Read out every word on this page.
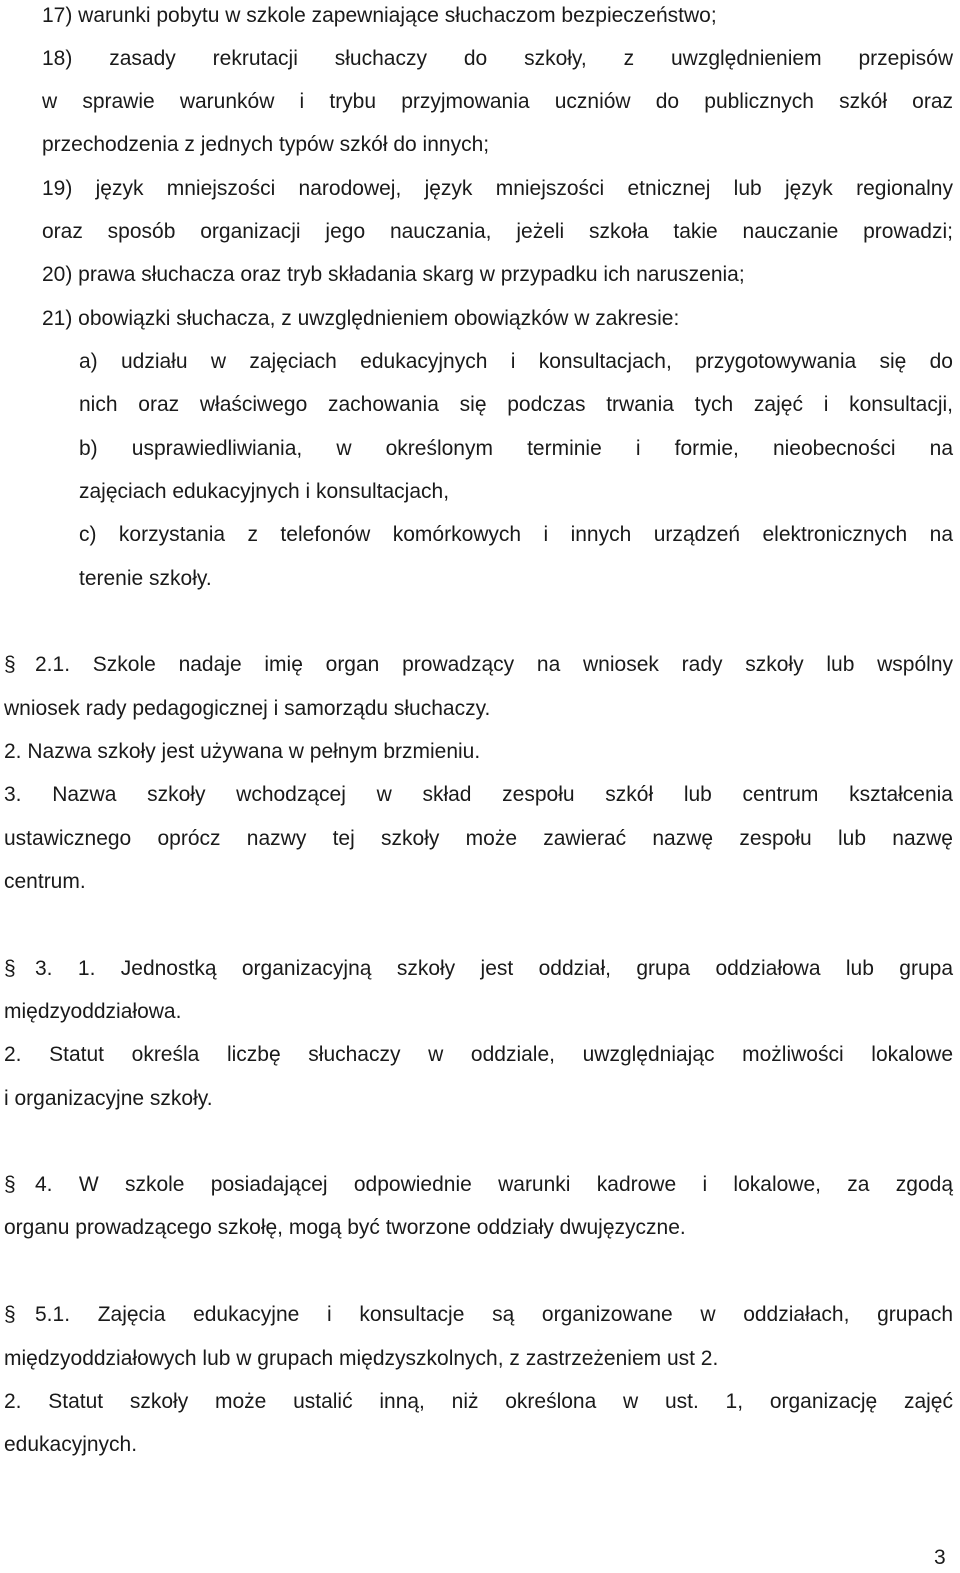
17) warunki pobytu w szkole zapewniające słuchaczom bezpieczeństwo;
18) zasady rekrutacji słuchaczy do szkoły, z uwzględnieniem przepisów
w sprawie warunków i trybu przyjmowania uczniów do publicznych szkół oraz
przechodzenia z jednych typów szkół do innych;
19) język mniejszości narodowej, język mniejszości etnicznej lub język regionalny
oraz sposób organizacji jego nauczania, jeżeli szkoła takie nauczanie prowadzi;
20) prawa słuchacza oraz tryb składania skarg w przypadku ich naruszenia;
21) obowiązki słuchacza, z uwzględnieniem obowiązków w zakresie:
a) udziału w zajęciach edukacyjnych i konsultacjach, przygotowywania się do
nich oraz właściwego zachowania się podczas trwania tych zajęć i konsultacji,
b) usprawiedliwiania, w określonym terminie i formie, nieobecności na
zajęciach edukacyjnych i konsultacjach,
c) korzystania z telefonów komórkowych i innych urządzeń elektronicznych na
terenie szkoły.
§ 2.1. Szkole nadaje imię organ prowadzący na wniosek rady szkoły lub wspólny
wniosek rady pedagogicznej i samorządu słuchaczy.
2. Nazwa szkoły jest używana w pełnym brzmieniu.
3. Nazwa szkoły wchodzącej w skład zespołu szkół lub centrum kształcenia
ustawicznego oprócz nazwy tej szkoły może zawierać nazwę zespołu lub nazwę
centrum.
§ 3. 1. Jednostką organizacyjną szkoły jest oddział, grupa oddziałowa lub grupa
międzyoddziałowa.
2. Statut określa liczbę słuchaczy w oddziale, uwzględniając możliwości lokalowe
i organizacyjne szkoły.
§ 4. W szkole posiadającej odpowiednie warunki kadrowe i lokalowe, za zgodą
organu prowadzącego szkołę, mogą być tworzone oddziały dwujęzyczne.
§ 5.1. Zajęcia edukacyjne i konsultacje są organizowane w oddziałach, grupach
międzyoddziałowych lub w grupach międzyszkolnych, z zastrzeżeniem ust 2.
2. Statut szkoły może ustalić inną, niż określona w ust. 1, organizację zajęć
edukacyjnych.
3
